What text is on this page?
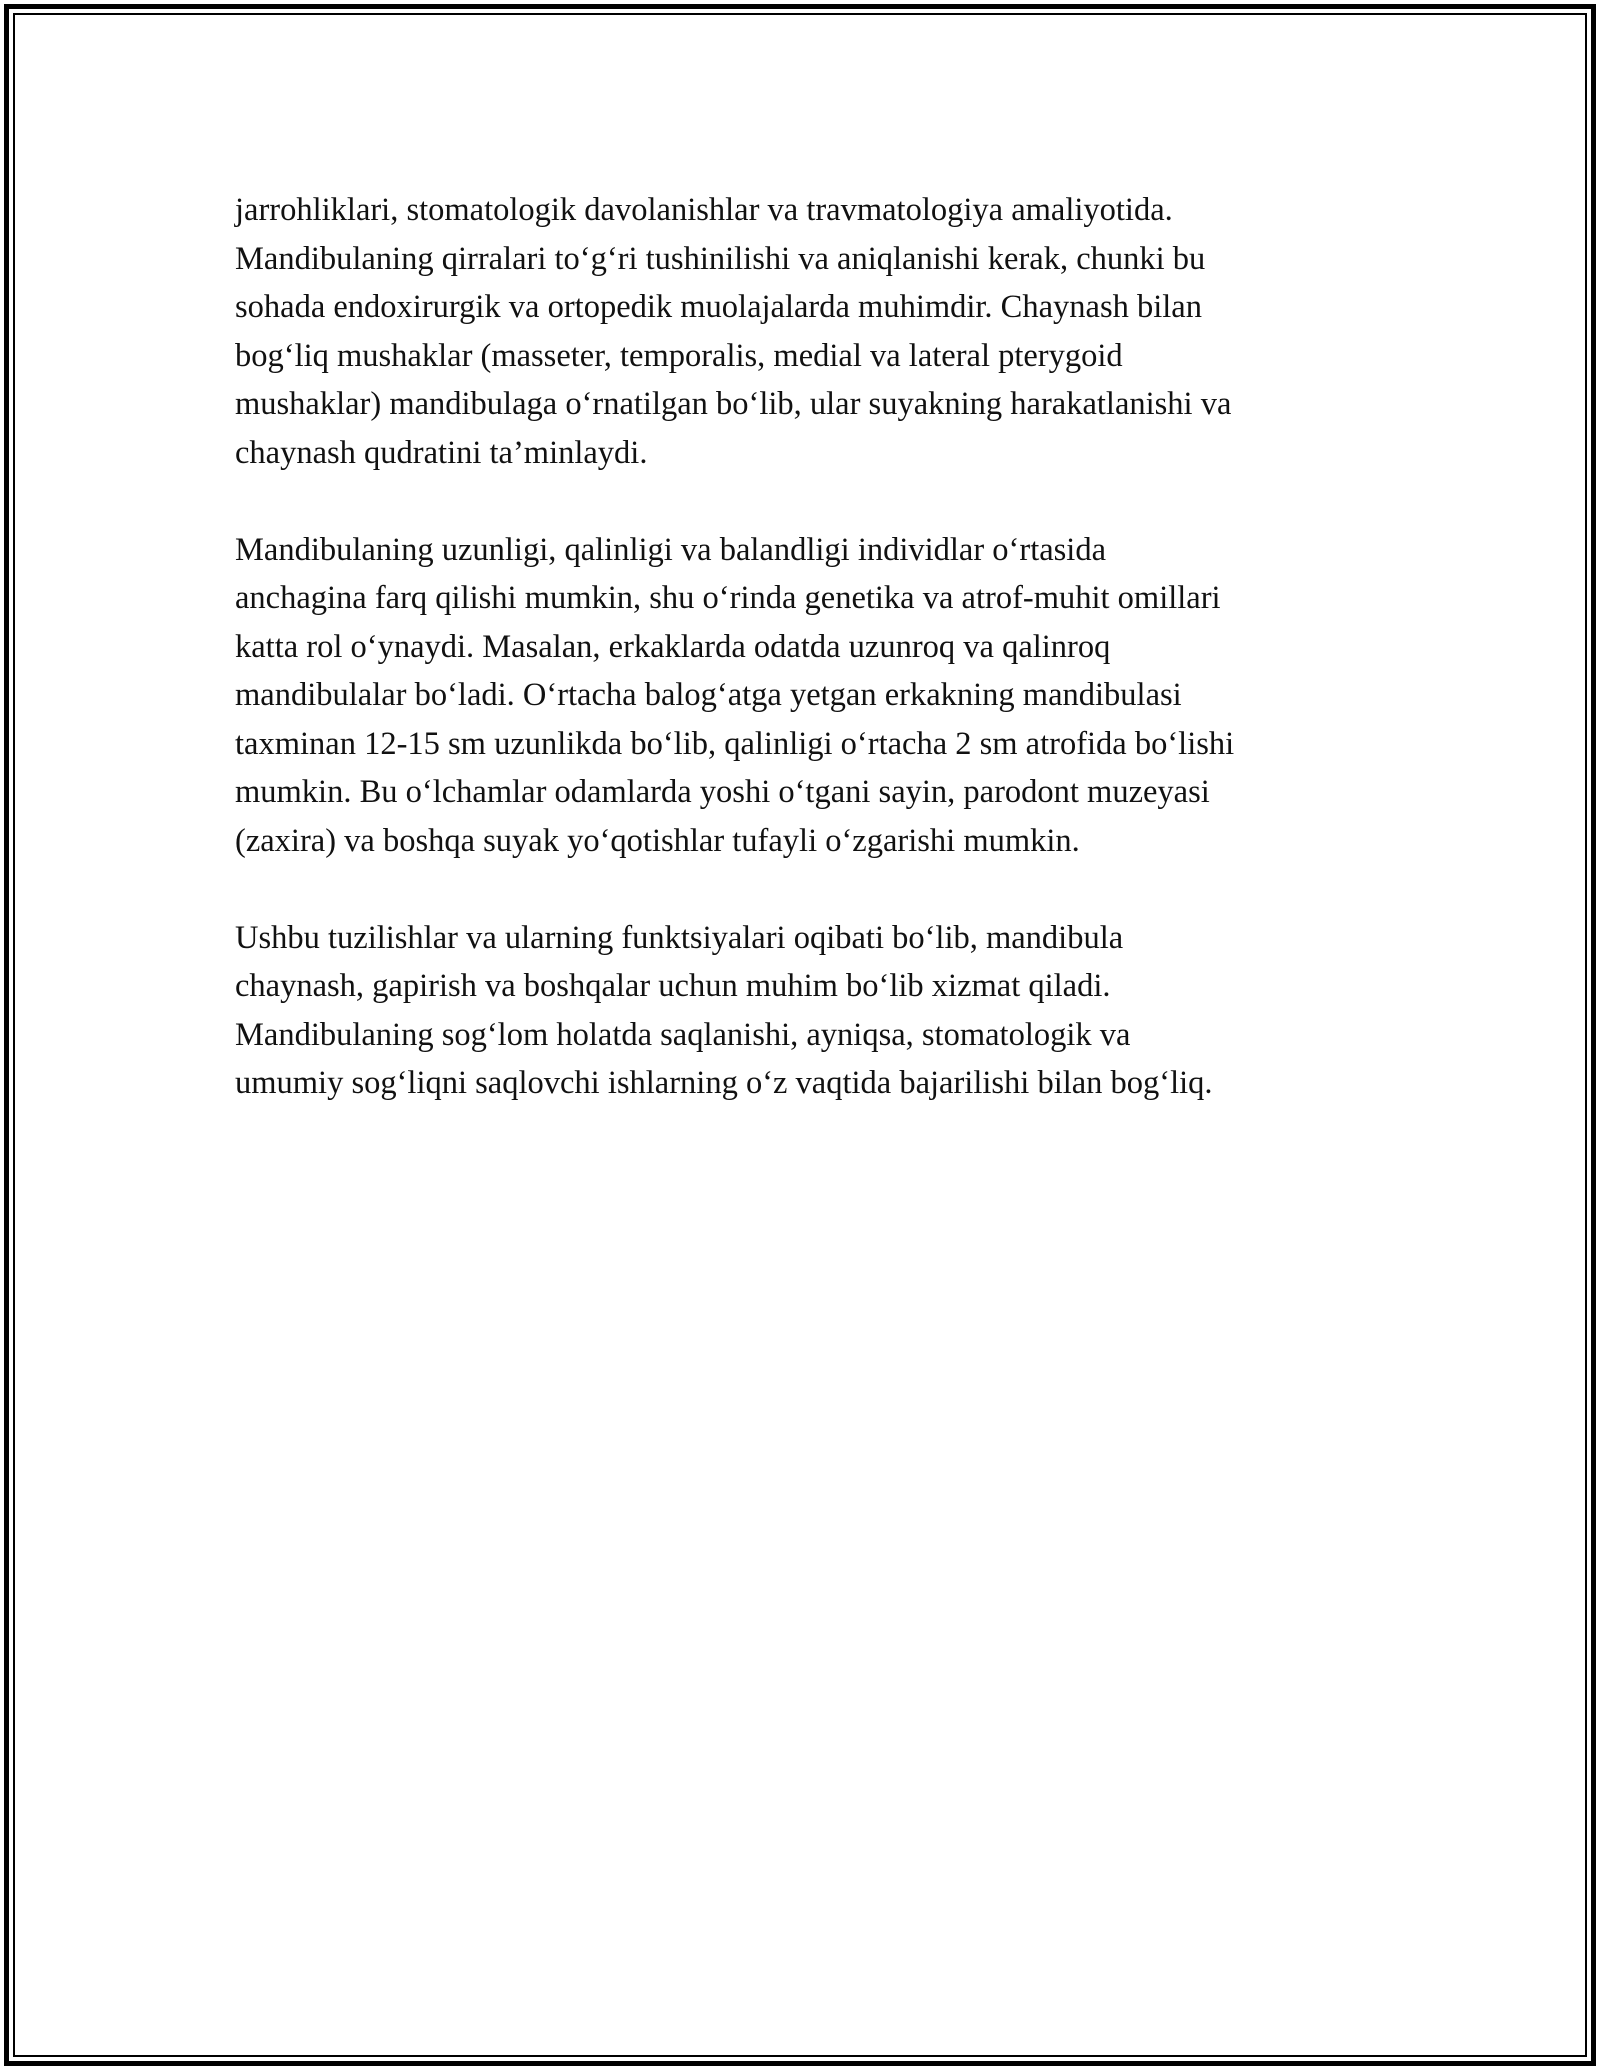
jarrohliklari, stomatologik davolanishlar va travmatologiya amaliyotida.
Mandibulaning qirralari to‘g‘ri tushinilishi va aniqlanishi kerak, chunki bu
sohada endoxirurgik va ortopedik muolajalarda muhimdir. Chaynash bilan
bog‘liq mushaklar (masseter, temporalis, medial va lateral pterygoid
mushaklar) mandibulaga o‘rnatilgan bo‘lib, ular suyakning harakatlanishi va
chaynash qudratini ta’minlaydi.

Mandibulaning uzunligi, qalinligi va balandligi individlar o‘rtasida
anchagina farq qilishi mumkin, shu o‘rinda genetika va atrof-muhit omillari
katta rol o‘ynaydi. Masalan, erkaklarda odatda uzunroq va qalinroq
mandibulalar bo‘ladi. O‘rtacha balog‘atga yetgan erkakning mandibulasi
taxminan 12-15 sm uzunlikda bo‘lib, qalinligi o‘rtacha 2 sm atrofida bo‘lishi
mumkin. Bu o‘lchamlar odamlarda yoshi o‘tgani sayin, parodont muzeyasi
(zaxira) va boshqa suyak yo‘qotishlar tufayli o‘zgarishi mumkin.

Ushbu tuzilishlar va ularning funktsiyalari oqibati bo‘lib, mandibula
chaynash, gapirish va boshqalar uchun muhim bo‘lib xizmat qiladi.
Mandibulaning sog‘lom holatda saqlanishi, ayniqsa, stomatologik va
umumiy sog‘liqni saqlovchi ishlarning o‘z vaqtida bajarilishi bilan bog‘liq.
